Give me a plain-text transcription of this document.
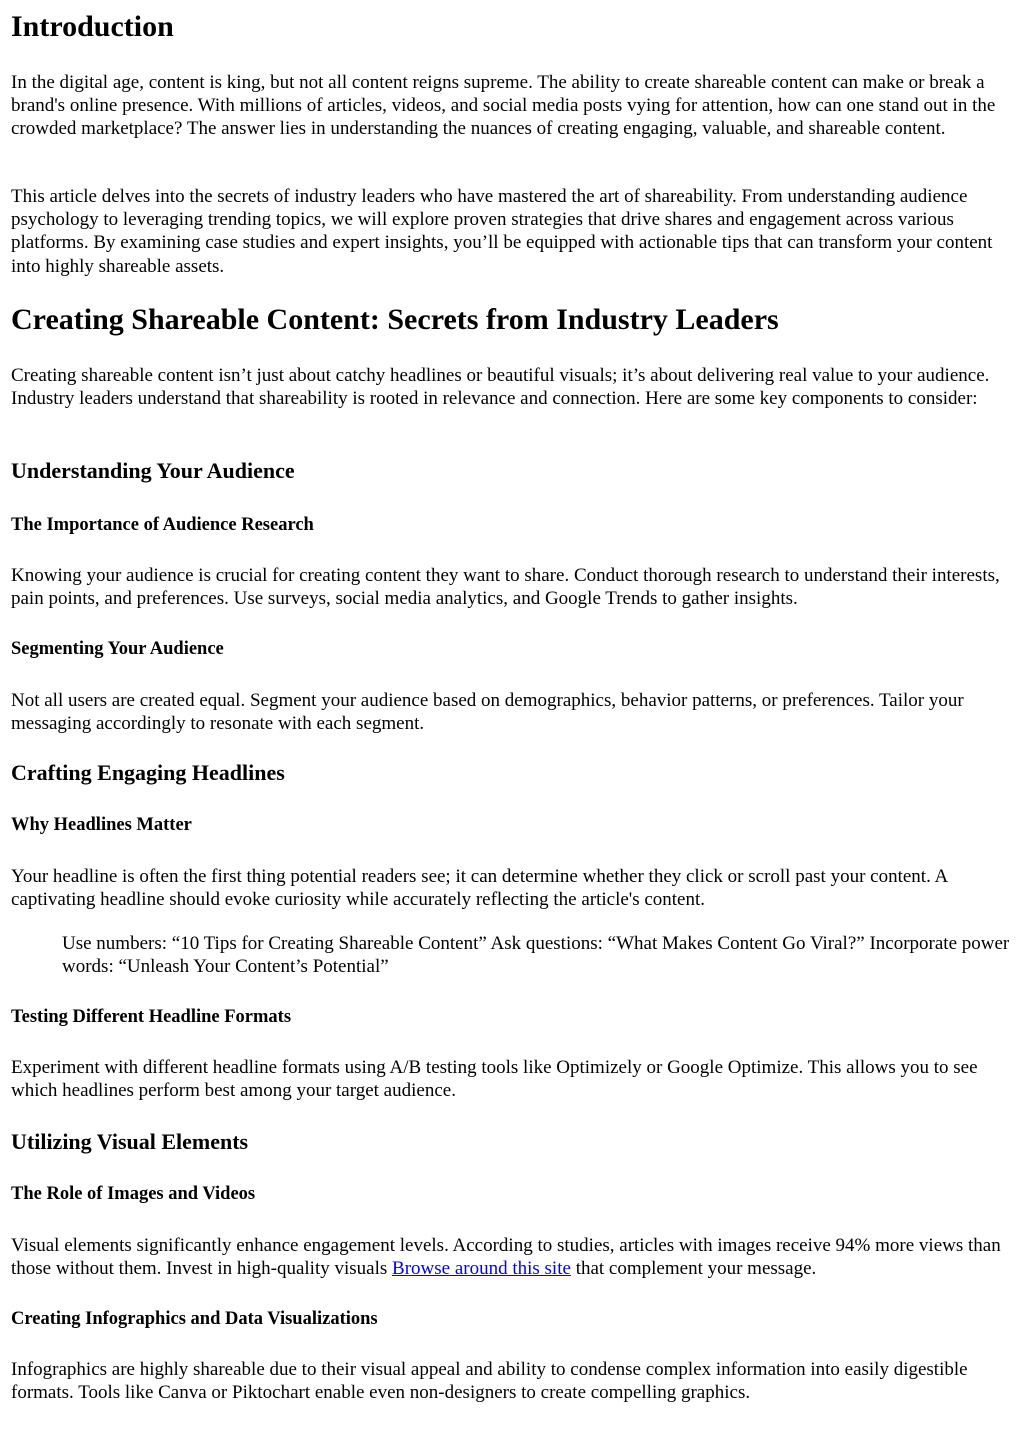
Introduction

In the digital age, content is king, but not all content reigns supreme. The ability to create shareable content can make or break a brand's online presence. With millions of articles, videos, and social media posts vying for attention, how can one stand out in the crowded marketplace? The answer lies in understanding the nuances of creating engaging, valuable, and shareable content.

This article delves into the secrets of industry leaders who have mastered the art of shareability. From understanding audience psychology to leveraging trending topics, we will explore proven strategies that drive shares and engagement across various platforms. By examining case studies and expert insights, you’ll be equipped with actionable tips that can transform your content into highly shareable assets.

Creating Shareable Content: Secrets from Industry Leaders

Creating shareable content isn’t just about catchy headlines or beautiful visuals; it’s about delivering real value to your audience. Industry leaders understand that shareability is rooted in relevance and connection. Here are some key components to consider:

Understanding Your Audience
The Importance of Audience Research

Knowing your audience is crucial for creating content they want to share. Conduct thorough research to understand their interests, pain points, and preferences. Use surveys, social media analytics, and Google Trends to gather insights.

Segmenting Your Audience

Not all users are created equal. Segment your audience based on demographics, behavior patterns, or preferences. Tailor your messaging accordingly to resonate with each segment.

Crafting Engaging Headlines
Why Headlines Matter

Your headline is often the first thing potential readers see; it can determine whether they click or scroll past your content. A captivating headline should evoke curiosity while accurately reflecting the article's content.

Use numbers: “10 Tips for Creating Shareable Content” Ask questions: “What Makes Content Go Viral?” Incorporate power words: “Unleash Your Content’s Potential”

Testing Different Headline Formats

Experiment with different headline formats using A/B testing tools like Optimizely or Google Optimize. This allows you to see which headlines perform best among your target audience.

Utilizing Visual Elements
The Role of Images and Videos

Visual elements significantly enhance engagement levels. According to studies, articles with images receive 94% more views than those without them. Invest in high-quality visuals Browse around this site that complement your message.

Creating Infographics and Data Visualizations

Infographics are highly shareable due to their visual appeal and ability to condense complex information into easily digestible formats. Tools like Canva or Piktochart enable even non-designers to create compelling graphics.
